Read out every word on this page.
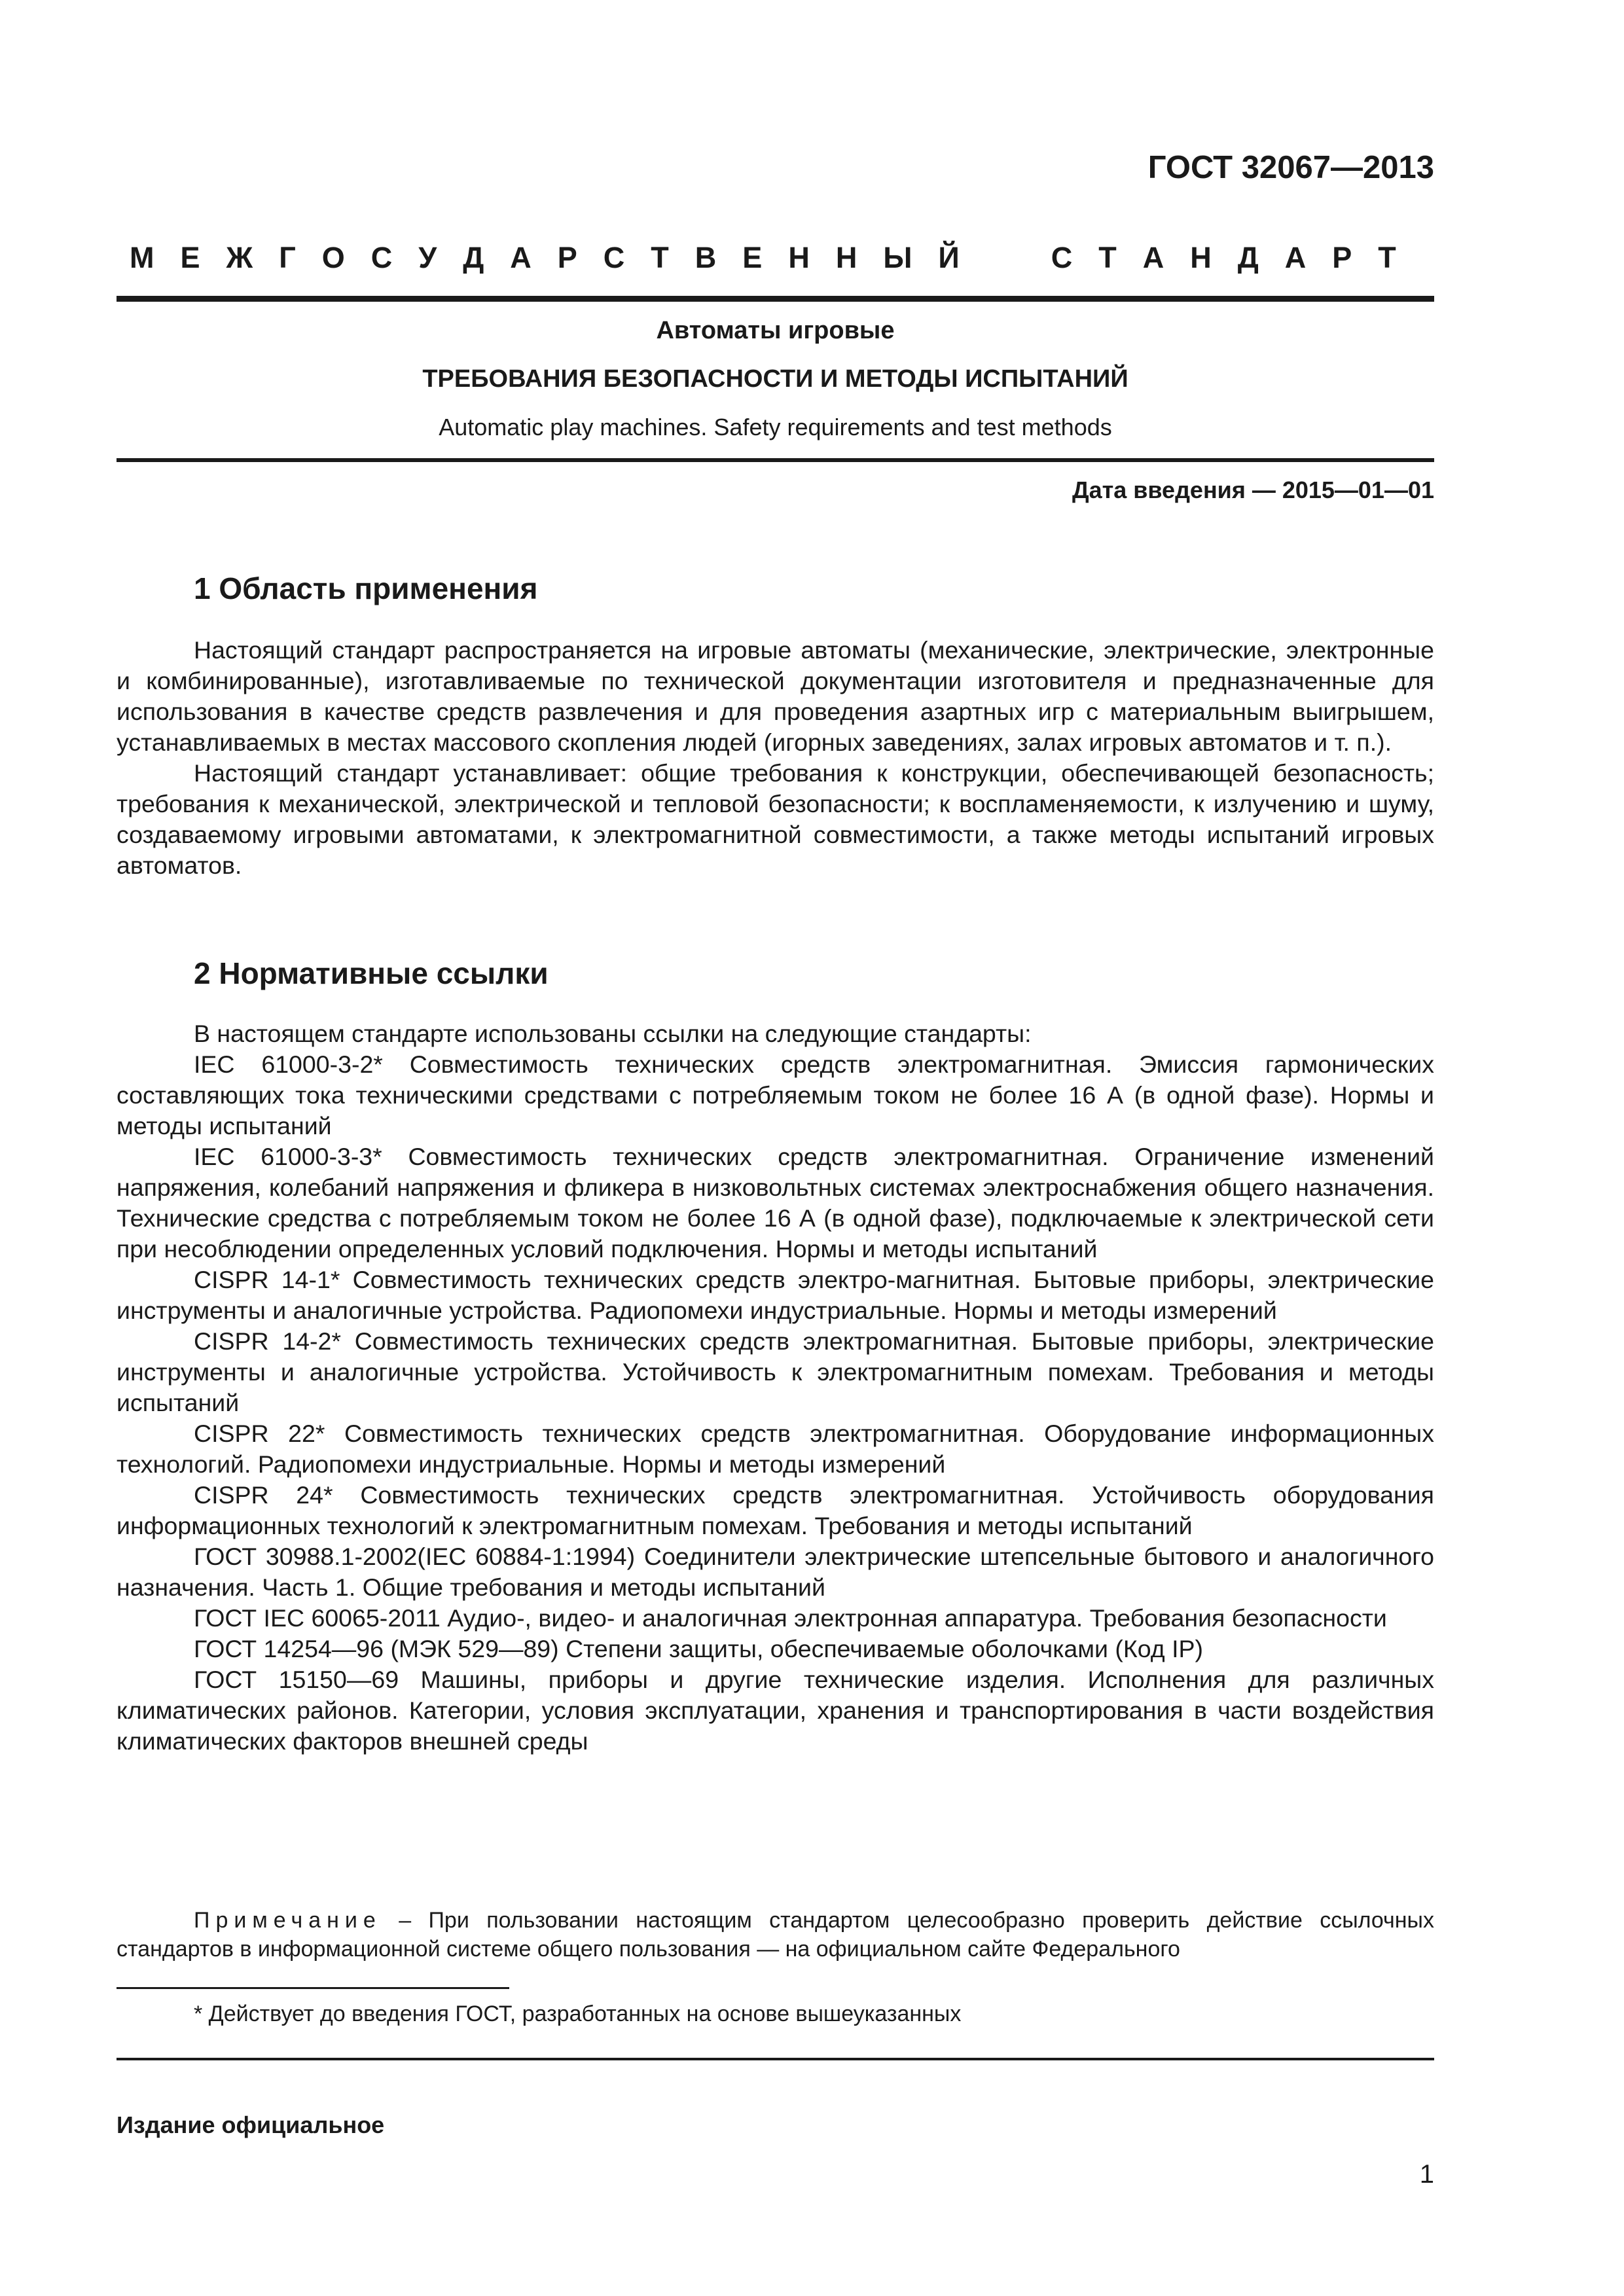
ГОСТ 32067—2013
М Е Ж Г О С У Д А Р С Т В Е Н Н Ы Й	С Т А Н Д А Р Т
Автоматы игровые
ТРЕБОВАНИЯ БЕЗОПАСНОСТИ И МЕТОДЫ ИСПЫТАНИЙ
Automatic play machines. Safety requirements and test methods
Дата введения — 2015—01—01
1 Область применения

Настоящий стандарт распространяется на игровые автоматы (механические, электрические, электронные и комбинированные), изготавливаемые по технической документации изготовителя и предназначенные для использования в качестве средств развлечения и для проведения азартных игр с материальным выигрышем, устанавливаемых в местах массового скопления людей (игорных заведениях, залах игровых автоматов и т. п.).

Настоящий стандарт устанавливает: общие требования к конструкции, обеспечивающей безопасность; требования к механической, электрической и тепловой безопасности; к воспламеняемости, к излучению и шуму, создаваемому игровыми автоматами, к электромагнитной совместимости, а также методы испытаний игровых автоматов.

2 Нормативные ссылки

В настоящем стандарте использованы ссылки на следующие стандарты:

IEC 61000-3-2* Совместимость технических средств электромагнитная. Эмиссия гармонических составляющих тока техническими средствами с потребляемым током не более 16 А (в одной фазе). Нормы и методы испытаний

IEC 61000-3-3* Совместимость технических средств электромагнитная. Ограничение изменений напряжения, колебаний напряжения и фликера в низковольтных системах электроснабжения общего назначения. Технические средства с потребляемым током не более 16 А (в одной фазе), подключаемые к электрической сети при несоблюдении определенных условий подключения. Нормы и методы испытаний

CISPR 14-1* Совместимость технических средств электро-магнитная. Бытовые приборы, электрические инструменты и аналогичные устройства. Радиопомехи индустриальные. Нормы и методы измерений

CISPR 14-2* Совместимость технических средств электромагнитная. Бытовые приборы, электрические инструменты и аналогичные устройства. Устойчивость к электромагнитным помехам. Требования и методы испытаний

CISPR 22* Совместимость технических средств электромагнитная. Оборудование информационных технологий. Радиопомехи индустриальные. Нормы и методы измерений

CISPR 24* Совместимость технических средств электромагнитная. Устойчивость оборудования информационных технологий к электромагнитным помехам. Требования и методы испытаний

ГОСТ 30988.1-2002(IEC 60884-1:1994) Соединители электрические штепсельные бытового и аналогичного назначения. Часть 1. Общие требования и методы испытаний

ГОСТ IEC 60065-2011 Аудио-, видео- и аналогичная электронная аппаратура. Требования безопасности

ГОСТ 14254—96 (МЭК 529—89) Степени защиты, обеспечиваемые оболочками (Код IP)

ГОСТ 15150—69 Машины, приборы и другие технические изделия. Исполнения для различных климатических районов. Категории, условия эксплуатации, хранения и транспортирования в части воздействия климатических факторов внешней среды

Примечание – При пользовании настоящим стандартом целесообразно проверить действие ссылочных стандартов в информационной системе общего пользования — на официальном сайте Федерального

* Действует до введения ГОСТ, разработанных на основе вышеуказанных
Издание официальное
1
